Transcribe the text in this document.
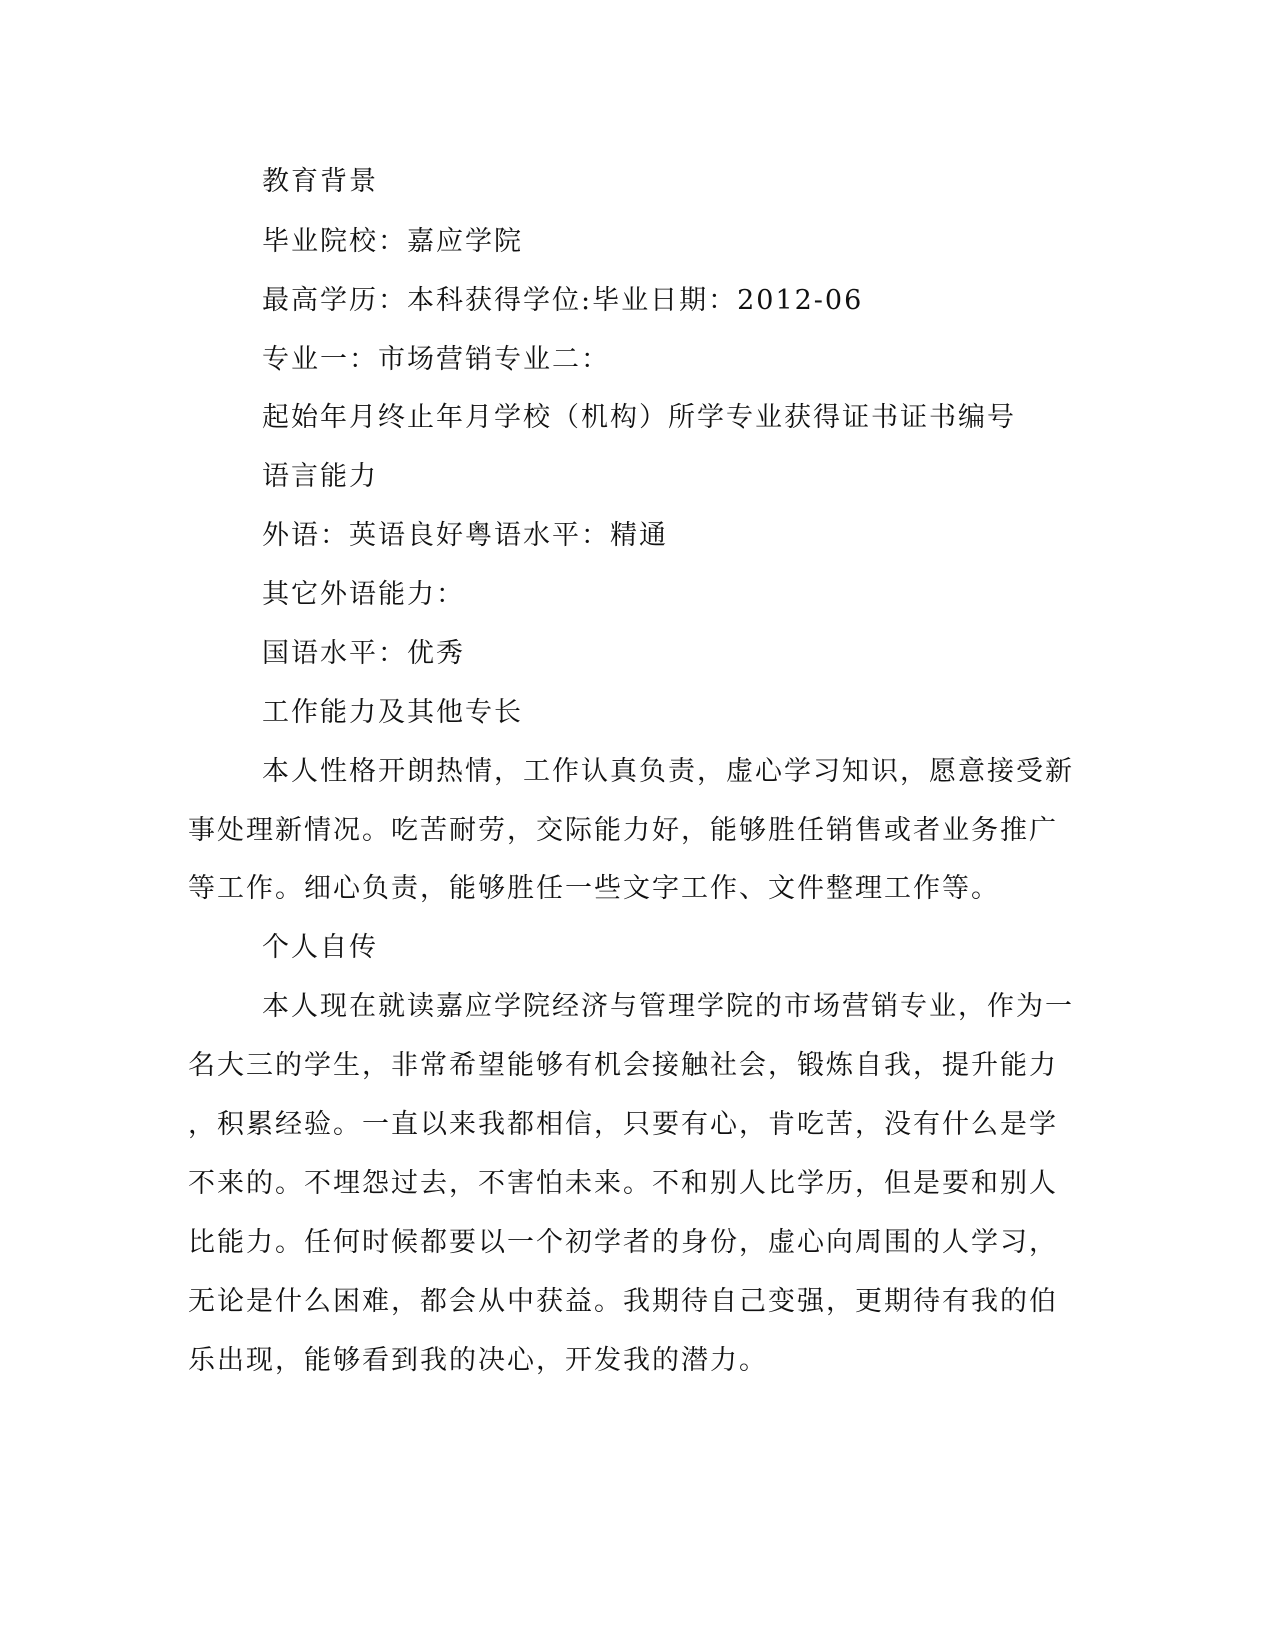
教育背景

毕业院校：嘉应学院

最高学历：本科获得学位:毕业日期：2012-06

专业一：市场营销专业二：

起始年月终止年月学校（机构）所学专业获得证书证书编号

语言能力

外语：英语良好粤语水平：精通

其它外语能力：

国语水平：优秀

工作能力及其他专长

本人性格开朗热情，工作认真负责，虚心学习知识，愿意接受新

事处理新情况。吃苦耐劳，交际能力好，能够胜任销售或者业务推广

等工作。细心负责，能够胜任一些文字工作、文件整理工作等。

个人自传

本人现在就读嘉应学院经济与管理学院的市场营销专业，作为一

名大三的学生，非常希望能够有机会接触社会，锻炼自我，提升能力

，积累经验。一直以来我都相信，只要有心，肯吃苦，没有什么是学

不来的。不埋怨过去，不害怕未来。不和别人比学历，但是要和别人

比能力。任何时候都要以一个初学者的身份，虚心向周围的人学习，

无论是什么困难，都会从中获益。我期待自己变强，更期待有我的伯

乐出现，能够看到我的决心，开发我的潜力。
